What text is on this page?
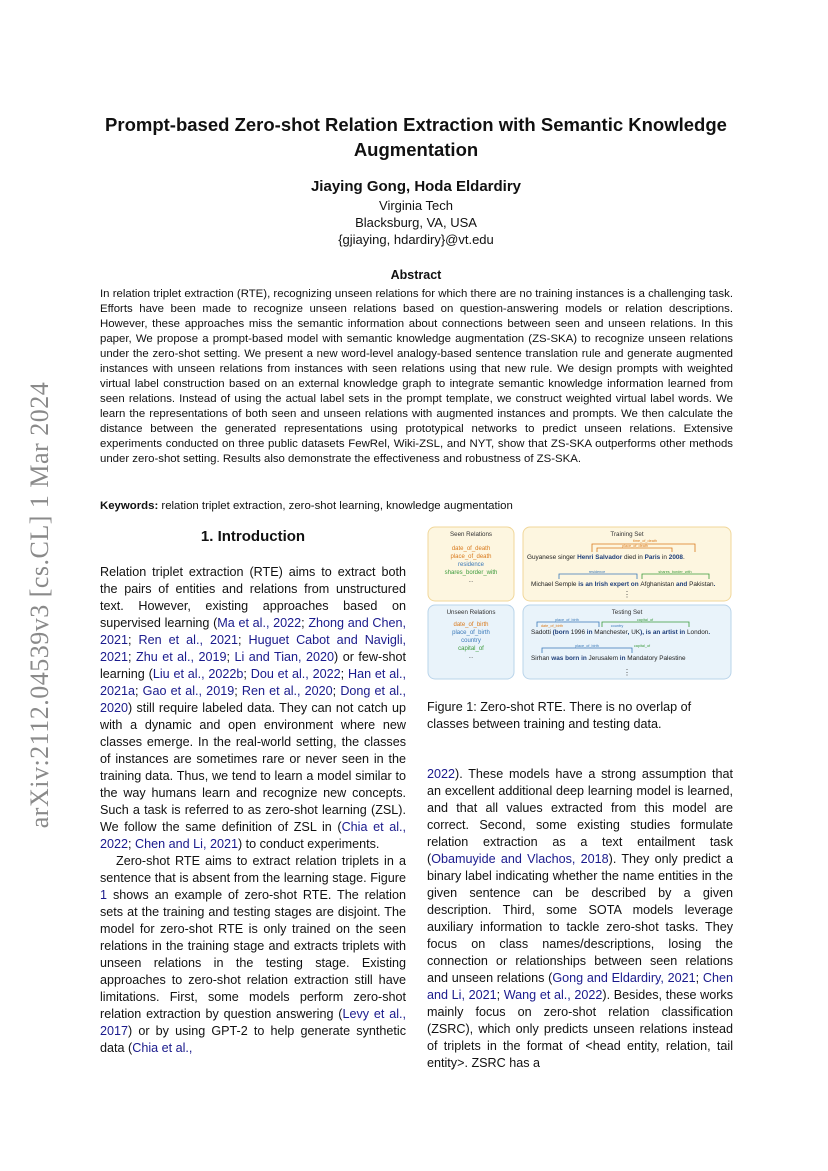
arXiv:2112.04539v3 [cs.CL] 1 Mar 2024
Prompt-based Zero-shot Relation Extraction with Semantic Knowledge Augmentation
Jiaying Gong, Hoda Eldardiry
Virginia Tech
Blacksburg, VA, USA
{gjiaying, hdardiry}@vt.edu
Abstract
In relation triplet extraction (RTE), recognizing unseen relations for which there are no training instances is a challenging task. Efforts have been made to recognize unseen relations based on question-answering models or relation descriptions. However, these approaches miss the semantic information about connections between seen and unseen relations. In this paper, We propose a prompt-based model with semantic knowledge augmentation (ZS-SKA) to recognize unseen relations under the zero-shot setting. We present a new word-level analogy-based sentence translation rule and generate augmented instances with unseen relations from instances with seen relations using that new rule. We design prompts with weighted virtual label construction based on an external knowledge graph to integrate semantic knowledge information learned from seen relations. Instead of using the actual label sets in the prompt template, we construct weighted virtual label words. We learn the representations of both seen and unseen relations with augmented instances and prompts. We then calculate the distance between the generated representations using prototypical networks to predict unseen relations. Extensive experiments conducted on three public datasets FewRel, Wiki-ZSL, and NYT, show that ZS-SKA outperforms other methods under zero-shot setting. Results also demonstrate the effectiveness and robustness of ZS-SKA.
Keywords: relation triplet extraction, zero-shot learning, knowledge augmentation
1. Introduction

Relation triplet extraction (RTE) aims to extract both the pairs of entities and relations from unstructured text. However, existing approaches based on supervised learning (Ma et al., 2022; Zhong and Chen, 2021; Ren et al., 2021; Huguet Cabot and Navigli, 2021; Zhu et al., 2019; Li and Tian, 2020) or few-shot learning (Liu et al., 2022b; Dou et al., 2022; Han et al., 2021a; Gao et al., 2019; Ren et al., 2020; Dong et al., 2020) still require labeled data. They can not catch up with a dynamic and open environment where new classes emerge. In the real-world setting, the classes of instances are sometimes rare or never seen in the training data. Thus, we tend to learn a model similar to the way humans learn and recognize new concepts. Such a task is referred to as zero-shot learning (ZSL). We follow the same definition of ZSL in (Chia et al., 2022; Chen and Li, 2021) to conduct experiments.

Zero-shot RTE aims to extract relation triplets in a sentence that is absent from the learning stage. Figure 1 shows an example of zero-shot RTE. The relation sets at the training and testing stages are disjoint. The model for zero-shot RTE is only trained on the seen relations in the training stage and extracts triplets with unseen relations in the testing stage. Existing approaches to zero-shot relation extraction still have limitations. First, some models perform zero-shot relation extraction by question answering (Levy et al., 2017) or by using GPT-2 to help generate synthetic data (Chia et al.,

Seen Relations	Training Set
Unseen Relations	Testing Set
date_of_death
place_of_death
residence
shares_border_with
...
date_of_birth
place_of_birth
country
capital_of
...
Guyanese singer Henri Salvador died in Paris in 2008.
Michael Semple is an Irish expert on Afghanistan and Pakistan.
Sadotti (born 1996 in Manchester, UK), is an artist in London.
Sirhan was born in Jerusalem in Mandatory Palestine
time_of_death
place_of_death
residence	shares_border_with
place_of_birth	capital_of
date_of_birth	country
place_of_birth	capital_of
⋮
⋮
Figure 1: Zero-shot RTE. There is no overlap of classes between training and testing data.

2022). These models have a strong assumption that an excellent additional deep learning model is learned, and that all values extracted from this model are correct. Second, some existing studies formulate relation extraction as a text entailment task (Obamuyide and Vlachos, 2018). They only predict a binary label indicating whether the name entities in the given sentence can be described by a given description. Third, some SOTA models leverage auxiliary information to tackle zero-shot tasks. They focus on class names/descriptions, losing the connection or relationships between seen relations and unseen relations (Gong and Eldardiry, 2021; Chen and Li, 2021; Wang et al., 2022). Besides, these works mainly focus on zero-shot relation classification (ZSRC), which only predicts unseen relations instead of triplets in the format of <head entity, relation, tail entity>. ZSRC has a
